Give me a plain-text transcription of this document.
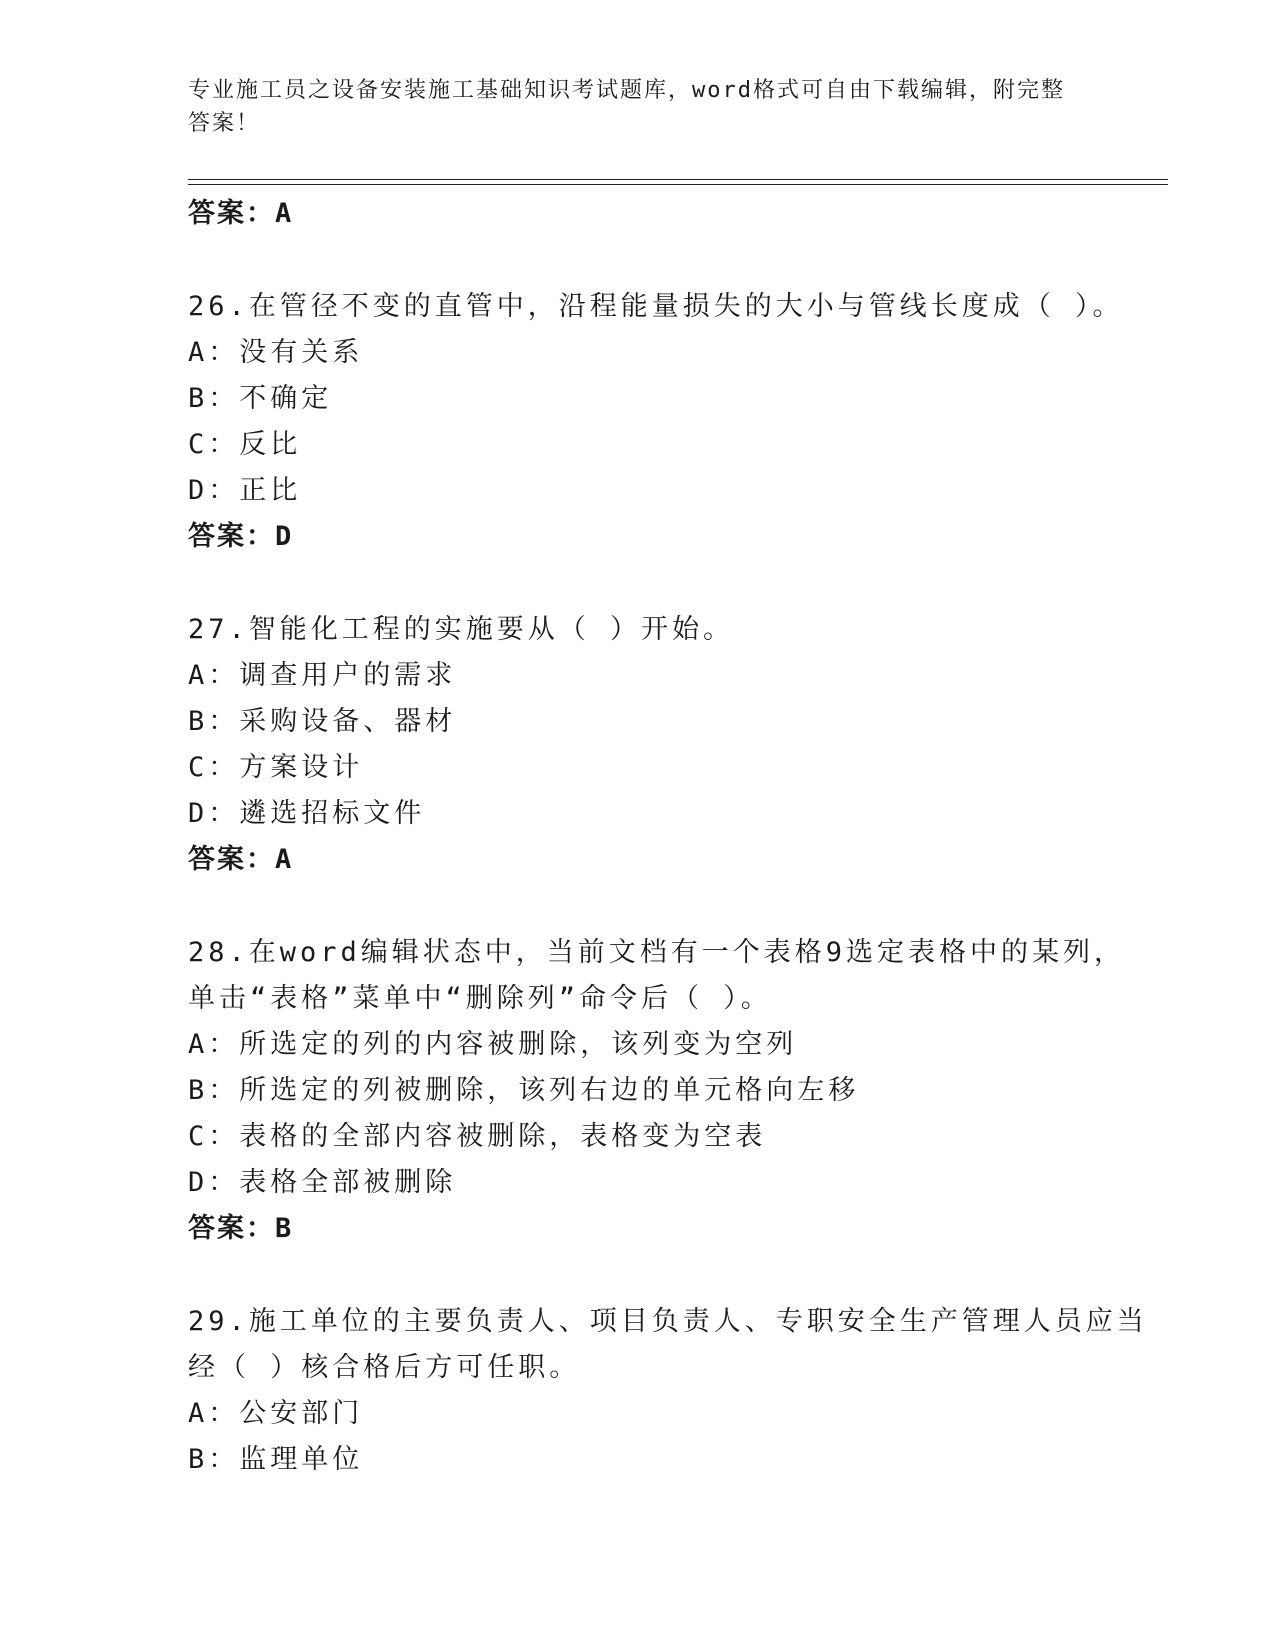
专业施工员之设备安装施工基础知识考试题库，word格式可自由下载编辑，附完整答案！
答案：A
26.在管径不变的直管中，沿程能量损失的大小与管线长度成（ ）。
A：没有关系
B：不确定
C：反比
D：正比
答案：D
27.智能化工程的实施要从（ ）开始。
A：调查用户的需求
B：采购设备、器材
C：方案设计
D：遴选招标文件
答案：A
28.在word编辑状态中，当前文档有一个表格9选定表格中的某列，单击“表格”菜单中“删除列”命令后（ ）。
A：所选定的列的内容被删除，该列变为空列
B：所选定的列被删除，该列右边的单元格向左移
C：表格的全部内容被删除，表格变为空表
D：表格全部被删除
答案：B
29.施工单位的主要负责人、项目负责人、专职安全生产管理人员应当经（ ）核合格后方可任职。
A：公安部门
B：监理单位
